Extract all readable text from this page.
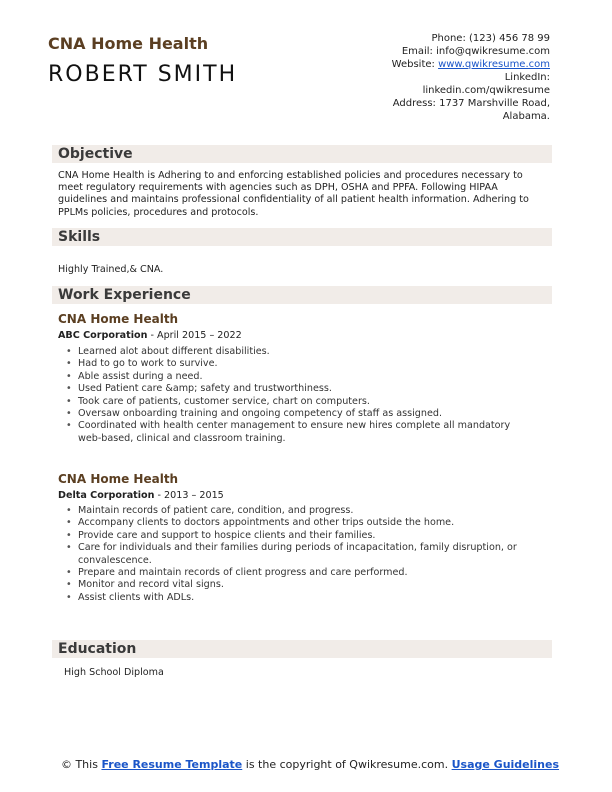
CNA Home Health
ROBERT SMITH
Phone: (123) 456 78 99
Email: info@qwikresume.com
Website: www.qwikresume.com
LinkedIn:
linkedin.com/qwikresume
Address: 1737 Marshville Road,
Alabama.
Objective
CNA Home Health is Adhering to and enforcing established policies and procedures necessary to meet regulatory requirements with agencies such as DPH, OSHA and PPFA. Following HIPAA guidelines and maintains professional confidentiality of all patient health information. Adhering to PPLMs policies, procedures and protocols.
Skills
Highly Trained,& CNA.
Work Experience
CNA Home Health
ABC Corporation - April 2015 – 2022
• Learned alot about different disabilities.
• Had to go to work to survive.
• Able assist during a need.
• Used Patient care &amp; safety and trustworthiness.
• Took care of patients, customer service, chart on computers.
• Oversaw onboarding training and ongoing competency of staff as assigned.
• Coordinated with health center management to ensure new hires complete all mandatory web-based, clinical and classroom training.
CNA Home Health
Delta Corporation - 2013 – 2015
• Maintain records of patient care, condition, and progress.
• Accompany clients to doctors appointments and other trips outside the home.
• Provide care and support to hospice clients and their families.
• Care for individuals and their families during periods of incapacitation, family disruption, or convalescence.
• Prepare and maintain records of client progress and care performed.
• Monitor and record vital signs.
• Assist clients with ADLs.
Education
High School Diploma
© This Free Resume Template is the copyright of Qwikresume.com. Usage Guidelines
